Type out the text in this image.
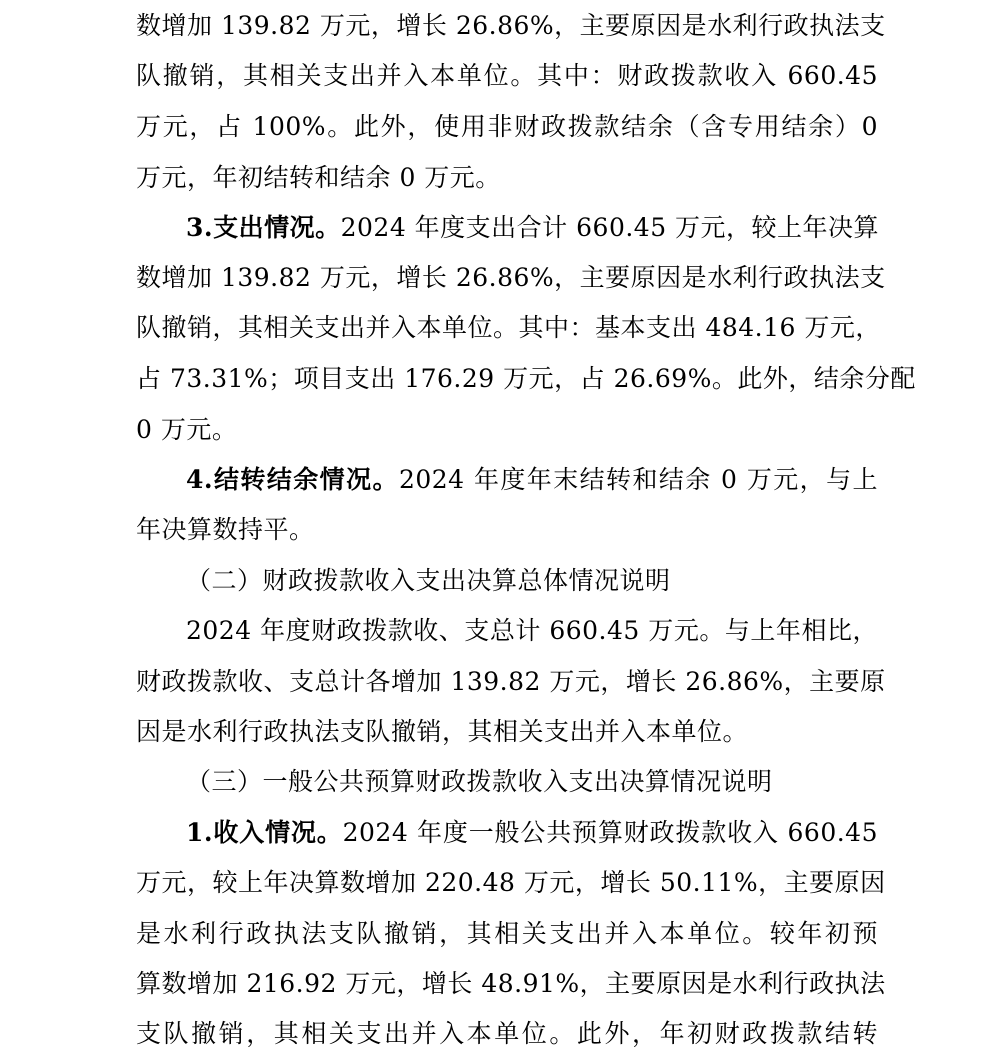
数增加 139.82 万元，增长 26.86%，主要原因是水利行政执法支
队撤销，其相关支出并入本单位。其中：财政拨款收入 660.45
万元，占 100%。此外，使用非财政拨款结余（含专用结余）0
万元，年初结转和结余 0 万元。
3.支出情况。2024 年度支出合计 660.45 万元，较上年决算
数增加 139.82 万元，增长 26.86%，主要原因是水利行政执法支
队撤销，其相关支出并入本单位。其中：基本支出 484.16 万元，
占 73.31%；项目支出 176.29 万元，占 26.69%。此外，结余分配
0 万元。
4.结转结余情况。2024 年度年末结转和结余 0 万元，与上
年决算数持平。
（二）财政拨款收入支出决算总体情况说明
2024 年度财政拨款收、支总计 660.45 万元。与上年相比，
财政拨款收、支总计各增加 139.82 万元，增长 26.86%，主要原
因是水利行政执法支队撤销，其相关支出并入本单位。
（三）一般公共预算财政拨款收入支出决算情况说明
1.收入情况。2024 年度一般公共预算财政拨款收入 660.45
万元，较上年决算数增加 220.48 万元，增长 50.11%，主要原因
是水利行政执法支队撤销，其相关支出并入本单位。较年初预
算数增加 216.92 万元，增长 48.91%，主要原因是水利行政执法
支队撤销，其相关支出并入本单位。此外，年初财政拨款结转
